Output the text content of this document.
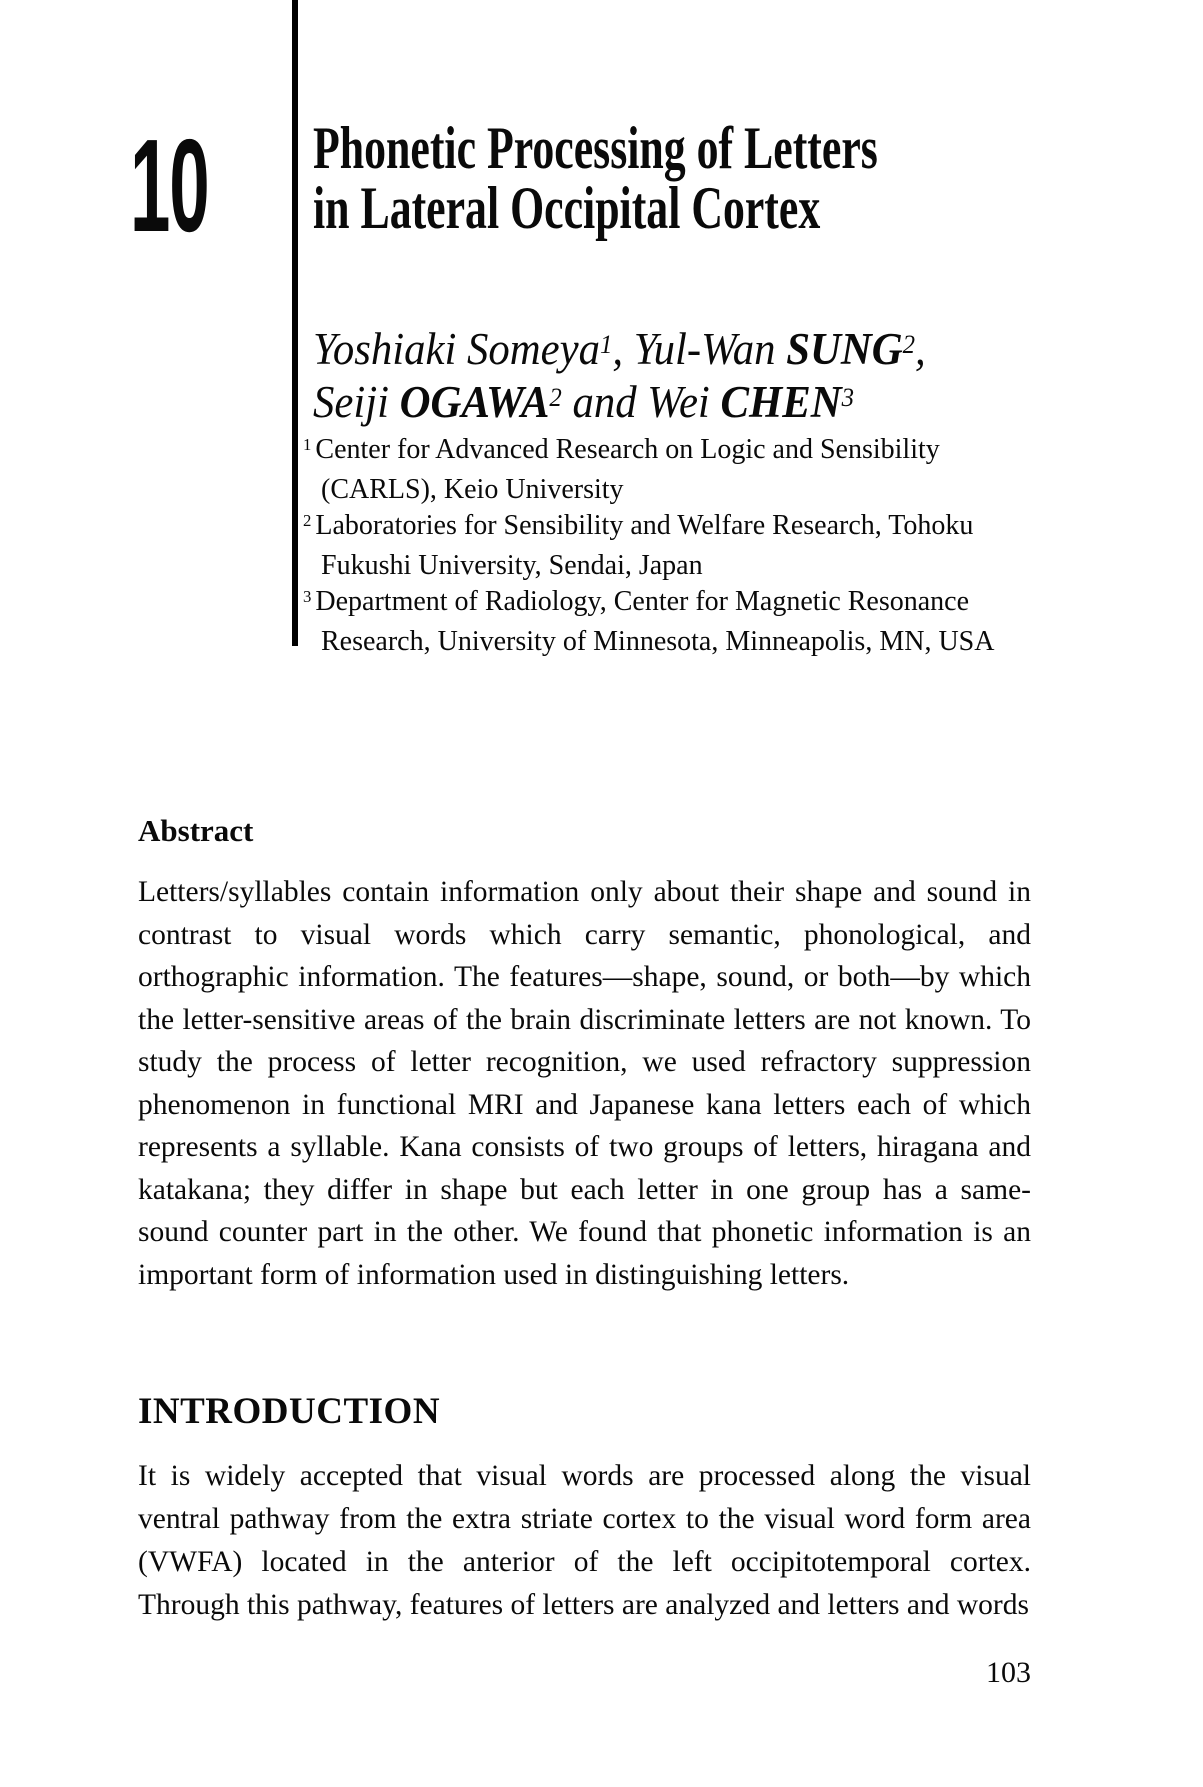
10 Phonetic Processing of Letters
in Lateral Occipital Cortex
Yoshiaki Someya$^1$, Yul-Wan SUNG$^2$,
Seiji OGAWA$^2$ and Wei CHEN$^3$
$^1$ Center for Advanced Research on Logic and Sensibility
(CARLS), Keio University
$^2$ Laboratories for Sensibility and Welfare Research, Tohoku
Fukushi University, Sendai, Japan
$^3$ Department of Radiology, Center for Magnetic Resonance
Research, University of Minnesota, Minneapolis, MN, USA
Abstract
Letters/syllables contain information only about their shape and sound in contrast to visual words which carry semantic, phonological, and orthographic information. The features—shape, sound, or both—by which the letter-sensitive areas of the brain discriminate letters are not known. To study the process of letter recognition, we used refractory suppression phenomenon in functional MRI and Japanese kana letters each of which represents a syllable. Kana consists of two groups of letters, hiragana and katakana; they differ in shape but each letter in one group has a same-sound counter part in the other. We found that phonetic information is an important form of information used in distinguishing letters.
INTRODUCTION
It is widely accepted that visual words are processed along the visual ventral pathway from the extra striate cortex to the visual word form area (VWFA) located in the anterior of the left occipitotemporal cortex. Through this pathway, features of letters are analyzed and letters and words
103
